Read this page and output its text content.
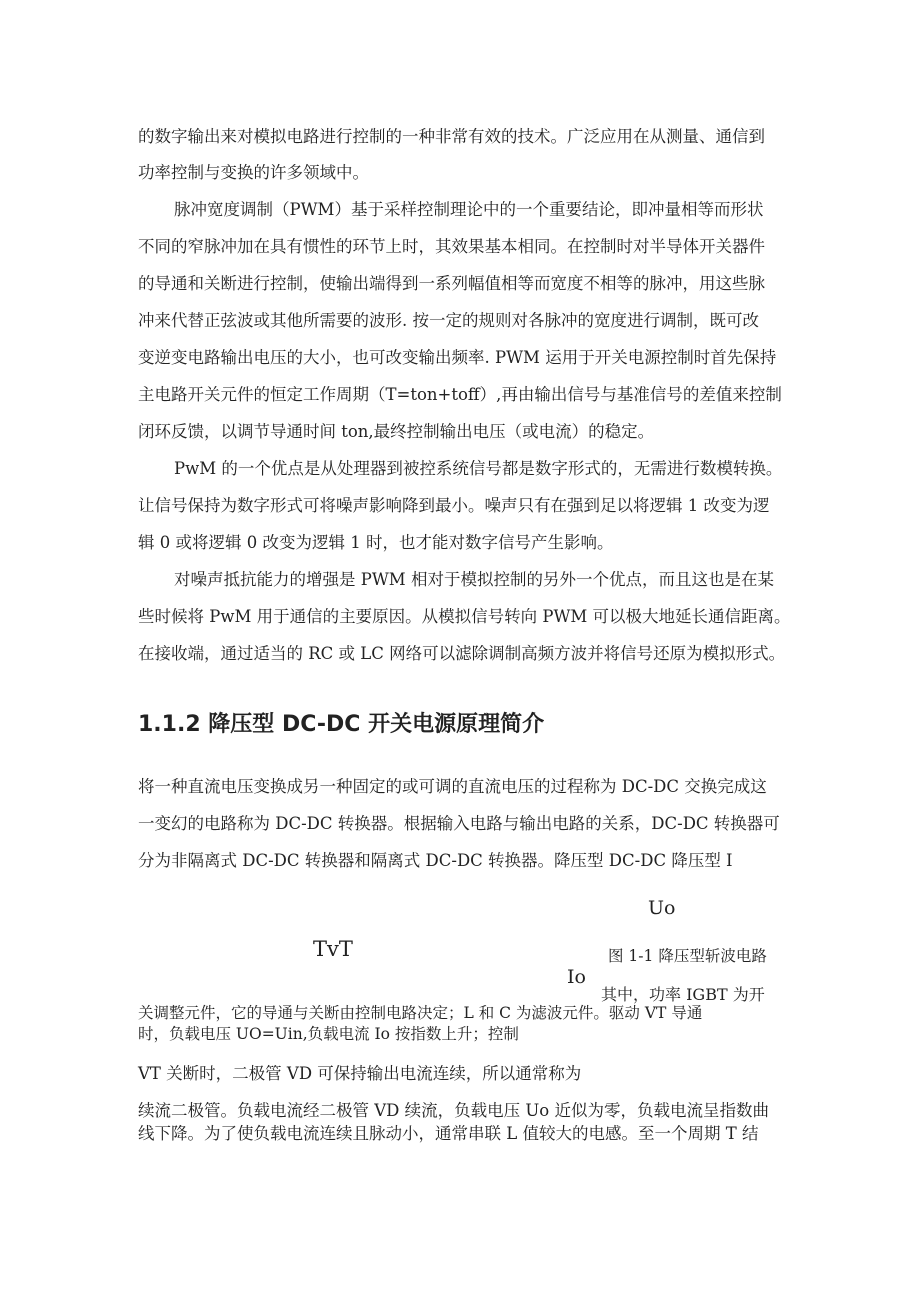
的数字输出来对模拟电路进行控制的一种非常有效的技术。广泛应用在从测量、通信到
功率控制与变换的许多领域中。
脉冲宽度调制（PWM）基于采样控制理论中的一个重要结论，即冲量相等而形状
不同的窄脉冲加在具有惯性的环节上时，其效果基本相同。在控制时对半导体开关器件
的导通和关断进行控制，使输出端得到一系列幅值相等而宽度不相等的脉冲，用这些脉
冲来代替正弦波或其他所需要的波形. 按一定的规则对各脉冲的宽度进行调制，既可改
变逆变电路输出电压的大小，也可改变输出频率. PWM 运用于开关电源控制时首先保持
主电路开关元件的恒定工作周期（T=ton+toff）,再由输出信号与基准信号的差值来控制
闭环反馈，以调节导通时间 ton,最终控制输出电压（或电流）的稳定。
PwM 的一个优点是从处理器到被控系统信号都是数字形式的，无需进行数模转换。
让信号保持为数字形式可将噪声影响降到最小。噪声只有在强到足以将逻辑 1 改变为逻
辑 0 或将逻辑 0 改变为逻辑 1 时，也才能对数字信号产生影响。
对噪声抵抗能力的增强是 PWM 相对于模拟控制的另外一个优点，而且这也是在某
些时候将 PwM 用于通信的主要原因。从模拟信号转向 PWM 可以极大地延长通信距离。
在接收端，通过适当的 RC 或 LC 网络可以滤除调制高频方波并将信号还原为模拟形式。
1.1.2 降压型 DC-DC 开关电源原理简介
将一种直流电压变换成另一种固定的或可调的直流电压的过程称为 DC-DC 交换完成这
一变幻的电路称为 DC-DC 转换器。根据输入电路与输出电路的关系，DC-DC 转换器可
分为非隔离式 DC-DC 转换器和隔离式 DC-DC 转换器。降压型 DC-DC 降压型 I
Uo
TvT	图 1-1 降压型斩波电路
Io
其中，功率 IGBT 为开
关调整元件，它的导通与关断由控制电路决定；L 和 C 为滤波元件。驱动 VT 导通
时，负载电压 UO=Uin,负载电流 Io 按指数上升；控制
VT 关断时，二极管 VD 可保持输出电流连续，所以通常称为
续流二极管。负载电流经二极管 VD 续流，负载电压 Uo 近似为零，负载电流呈指数曲
线下降。为了使负载电流连续且脉动小，通常串联 L 值较大的电感。至一个周期 T 结
